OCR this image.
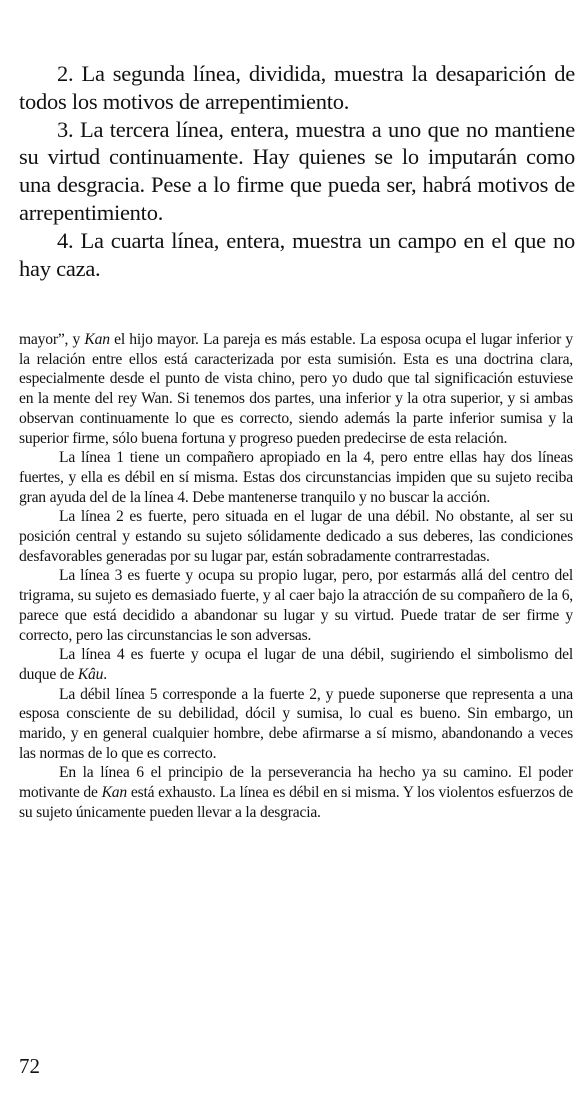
2. La segunda línea, dividida, muestra la desaparición de todos los motivos de arrepentimiento.

3. La tercera línea, entera, muestra a uno que no mantiene su virtud continuamente. Hay quienes se lo imputarán como una desgracia. Pese a lo firme que pueda ser, habrá motivos de arrepentimiento.

4. La cuarta línea, entera, muestra un campo en el que no hay caza.

mayor”, y Kan el hijo mayor. La pareja es más estable. La esposa ocupa el lugar inferior y la relación entre ellos está caracterizada por esta sumisión. Esta es una doctrina clara, especialmente desde el punto de vista chino, pero yo dudo que tal significación estuviese en la mente del rey Wan. Si tenemos dos partes, una inferior y la otra superior, y si ambas observan continuamente lo que es correcto, siendo además la parte inferior sumisa y la superior firme, sólo buena fortuna y progreso pueden predecirse de esta relación.

La línea 1 tiene un compañero apropiado en la 4, pero entre ellas hay dos líneas fuertes, y ella es débil en sí misma. Estas dos circunstancias impiden que su sujeto reciba gran ayuda del de la línea 4. Debe mantenerse tranquilo y no buscar la acción.

La línea 2 es fuerte, pero situada en el lugar de una débil. No obstante, al ser su posición central y estando su sujeto sólidamente dedicado a sus deberes, las condiciones desfavorables generadas por su lugar par, están sobradamente contrarrestadas.

La línea 3 es fuerte y ocupa su propio lugar, pero, por estarmás allá del centro del trigrama, su sujeto es demasiado fuerte, y al caer bajo la atracción de su compañero de la 6, parece que está decidido a abandonar su lugar y su virtud. Puede tratar de ser firme y correcto, pero las circunstancias le son adversas.

La línea 4 es fuerte y ocupa el lugar de una débil, sugiriendo el simbolismo del duque de Kâu.

La débil línea 5 corresponde a la fuerte 2, y puede suponerse que representa a una esposa consciente de su debilidad, dócil y sumisa, lo cual es bueno. Sin embargo, un marido, y en general cualquier hombre, debe afirmarse a sí mismo, abandonando a veces las normas de lo que es correcto.

En la línea 6 el principio de la perseverancia ha hecho ya su camino. El poder motivante de Kan está exhausto. La línea es débil en si misma. Y los violentos esfuerzos de su sujeto únicamente pueden llevar a la desgracia.

72
